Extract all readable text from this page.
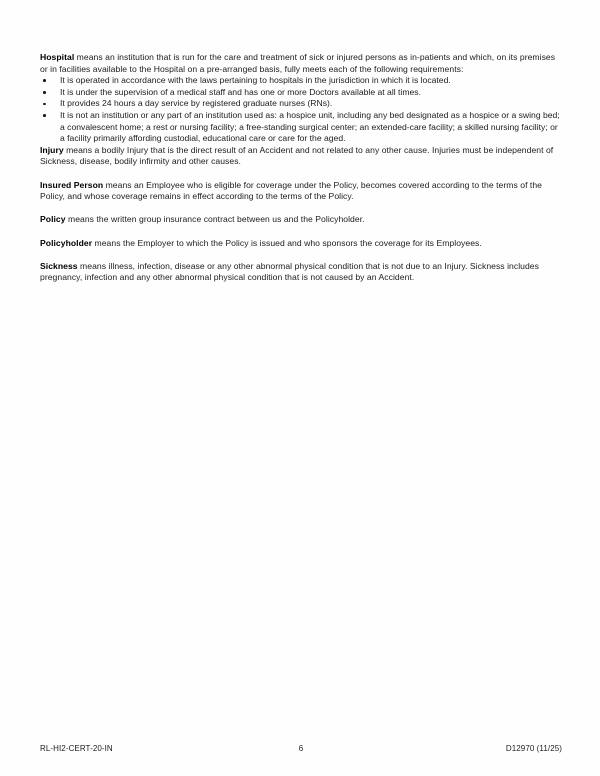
Hospital means an institution that is run for the care and treatment of sick or injured persons as in-patients and which, on its premises or in facilities available to the Hospital on a pre-arranged basis, fully meets each of the following requirements:

It is operated in accordance with the laws pertaining to hospitals in the jurisdiction in which it is located.
It is under the supervision of a medical staff and has one or more Doctors available at all times.
It provides 24 hours a day service by registered graduate nurses (RNs).
It is not an institution or any part of an institution used as: a hospice unit, including any bed designated as a hospice or a swing bed; a convalescent home; a rest or nursing facility; a free-standing surgical center; an extended-care facility; a skilled nursing facility; or a facility primarily affording custodial, educational care or care for the aged.

Injury means a bodily Injury that is the direct result of an Accident and not related to any other cause. Injuries must be independent of Sickness, disease, bodily infirmity and other causes.

Insured Person means an Employee who is eligible for coverage under the Policy, becomes covered according to the terms of the Policy, and whose coverage remains in effect according to the terms of the Policy.

Policy means the written group insurance contract between us and the Policyholder.

Policyholder means the Employer to which the Policy is issued and who sponsors the coverage for its Employees.

Sickness means illness, infection, disease or any other abnormal physical condition that is not due to an Injury. Sickness includes pregnancy, infection and any other abnormal physical condition that is not caused by an Accident.

RL-HI2-CERT-20-IN	6	D12970 (11/25)
